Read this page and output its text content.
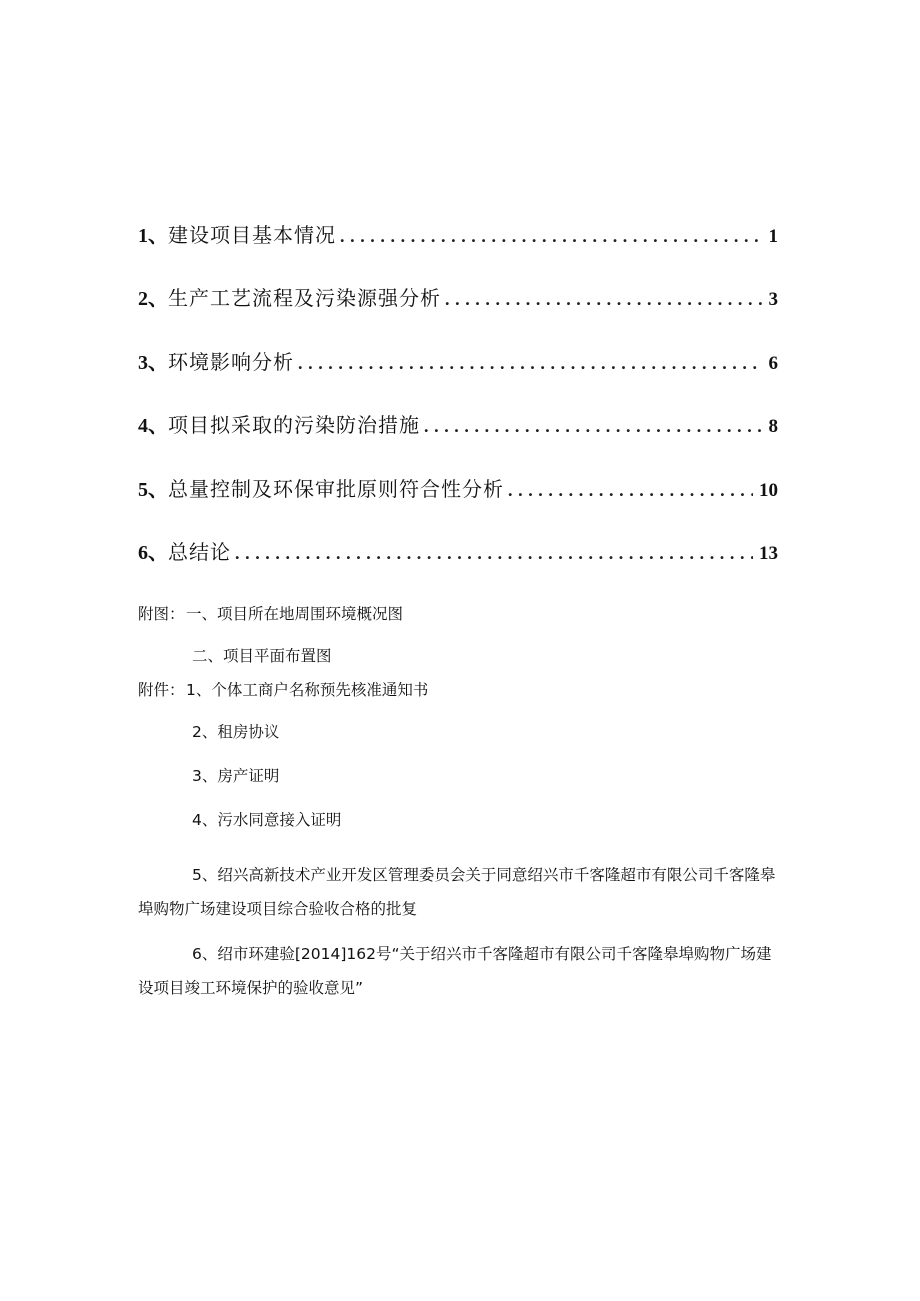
1、 建设项目基本情况 .....	1
2、 生产工艺流程及污染源强分析 .....	3
3、 环境影响分析 .....	6
4、 项目拟采取的污染防治措施 .....	8
5、 总量控制及环保审批原则符合性分析 .....	10
6、 总结论 .....	13
附图： 一、项目所在地周围环境概况图
二、项目平面布置图
附件： 1、个体工商户名称预先核准通知书
2、租房协议
3、房产证明
4、污水同意接入证明
5、绍兴高新技术产业开发区管理委员会关于同意绍兴市千客隆超市有限公司千客隆皋埠购物广场建设项目综合验收合格的批复
6、绍市环建验[2014]162号“关于绍兴市千客隆超市有限公司千客隆皋埠购物广场建设项目竣工环境保护的验收意见”
